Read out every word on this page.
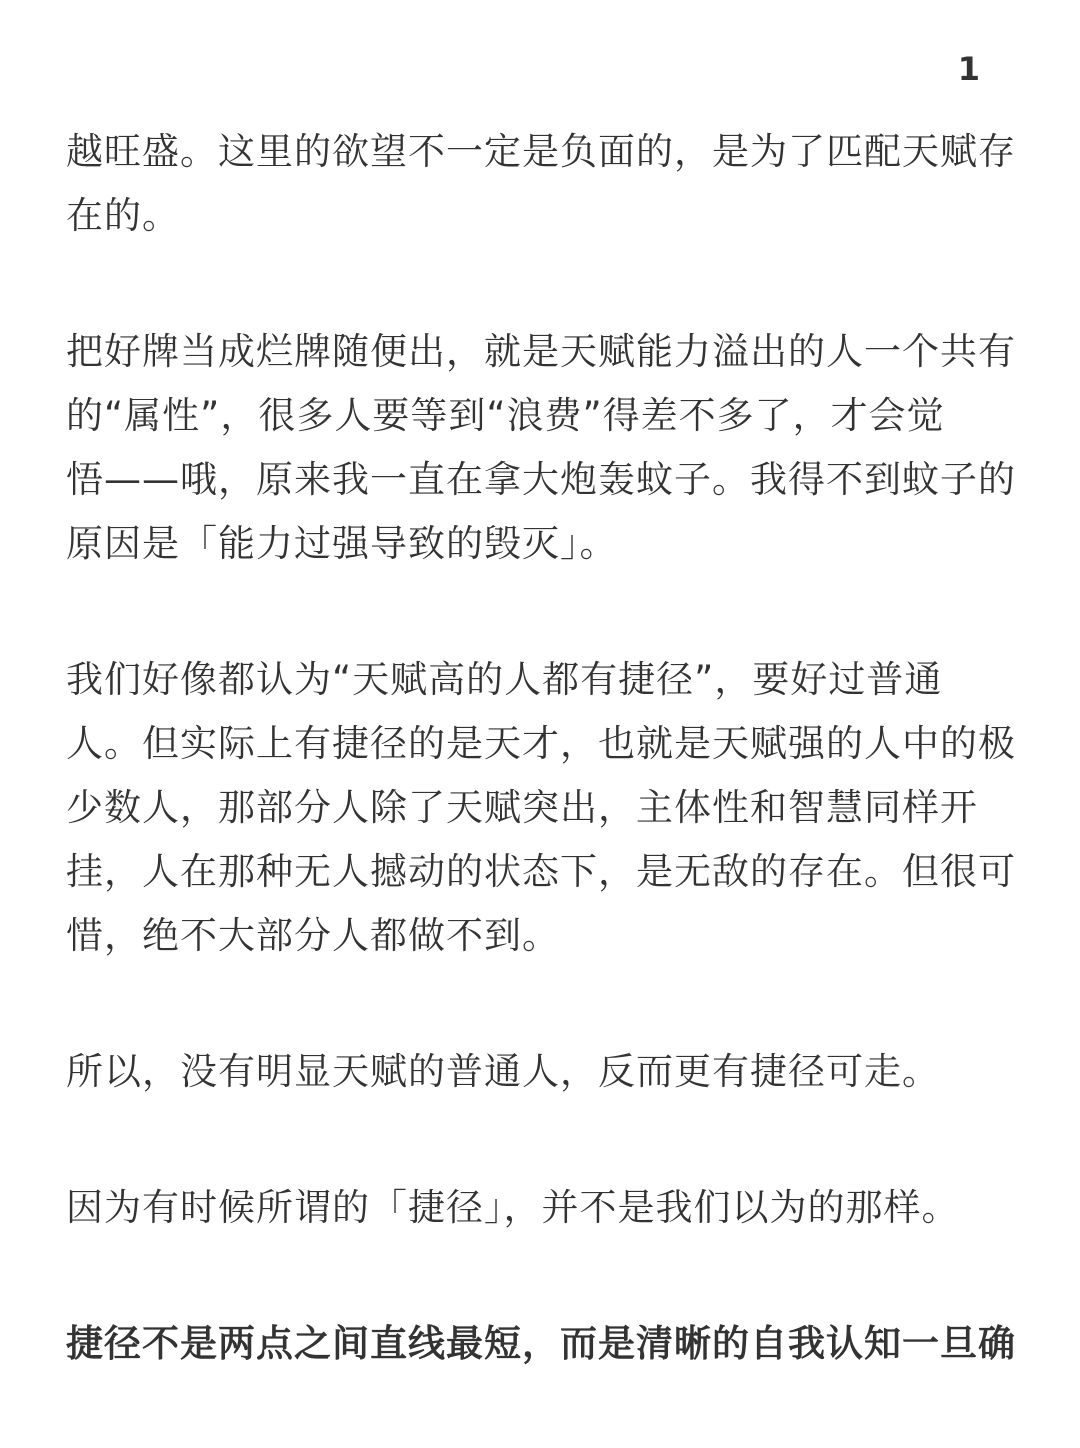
1

越旺盛。这里的欲望不一定是负面的，是为了匹配天赋存
在的。

把好牌当成烂牌随便出，就是天赋能力溢出的人一个共有
的“属性”，很多人要等到“浪费”得差不多了，才会觉
悟——哦，原来我一直在拿大炮轰蚊子。我得不到蚊子的
原因是「能力过强导致的毁灭」。

我们好像都认为“天赋高的人都有捷径”，要好过普通
人。但实际上有捷径的是天才，也就是天赋强的人中的极
少数人，那部分人除了天赋突出，主体性和智慧同样开
挂，人在那种无人撼动的状态下，是无敌的存在。但很可
惜，绝不大部分人都做不到。

所以，没有明显天赋的普通人，反而更有捷径可走。

因为有时候所谓的「捷径」，并不是我们以为的那样。

捷径不是两点之间直线最短，而是清晰的自我认知一旦确
